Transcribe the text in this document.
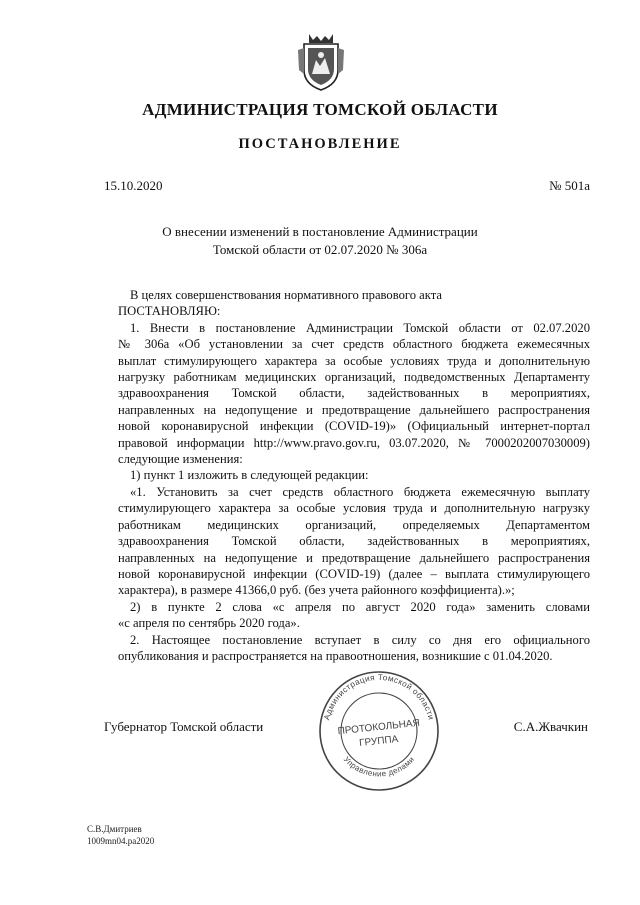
АДМИНИСТРАЦИЯ ТОМСКОЙ ОБЛАСТИ
ПОСТАНОВЛЕНИЕ
15.10.2020	№ 501а
О внесении изменений в постановление Администрации
Томской области от 02.07.2020 № 306а

В целях совершенствования нормативного правового акта

ПОСТАНОВЛЯЮ:

1. Внести в постановление Администрации Томской области от 02.07.2020
№ 306а «Об установлении за счет средств областного бюджета ежемесячных
выплат стимулирующего характера за особые условиях труда и дополнительную
нагрузку работникам медицинских организаций, подведомственных Департаменту
здравоохранения Томской области, задействованных в мероприятиях,
направленных на недопущение и предотвращение дальнейшего распространения
новой коронавирусной инфекции (COVID-19)» (Официальный интернет-портал
правовой информации http://www.pravo.gov.ru, 03.07.2020, № 7000202007030009)
следующие изменения:

1) пункт 1 изложить в следующей редакции:

«1. Установить за счет средств областного бюджета ежемесячную выплату
стимулирующего характера за особые условия труда и дополнительную нагрузку
работникам медицинских организаций, определяемых Департаментом
здравоохранения Томской области, задействованных в мероприятиях,
направленных на недопущение и предотвращение дальнейшего распространения
новой коронавирусной инфекции (COVID-19) (далее – выплата стимулирующего
характера), в размере 41366,0 руб. (без учета районного коэффициента).»;

2) в пункте 2 слова «с апреля по август 2020 года» заменить словами
«с апреля по сентябрь 2020 года».

2. Настоящее постановление вступает в силу со дня его официального
опубликования и распространяется на правоотношения, возникшие с 01.04.2020.

Губернатор Томской области	С.А.Жвачкин
Администрация Томской области
Управление делами
ПРОТОКОЛЬНАЯ
ГРУППА
С.В.Дмитриев
1009mn04.ра2020
